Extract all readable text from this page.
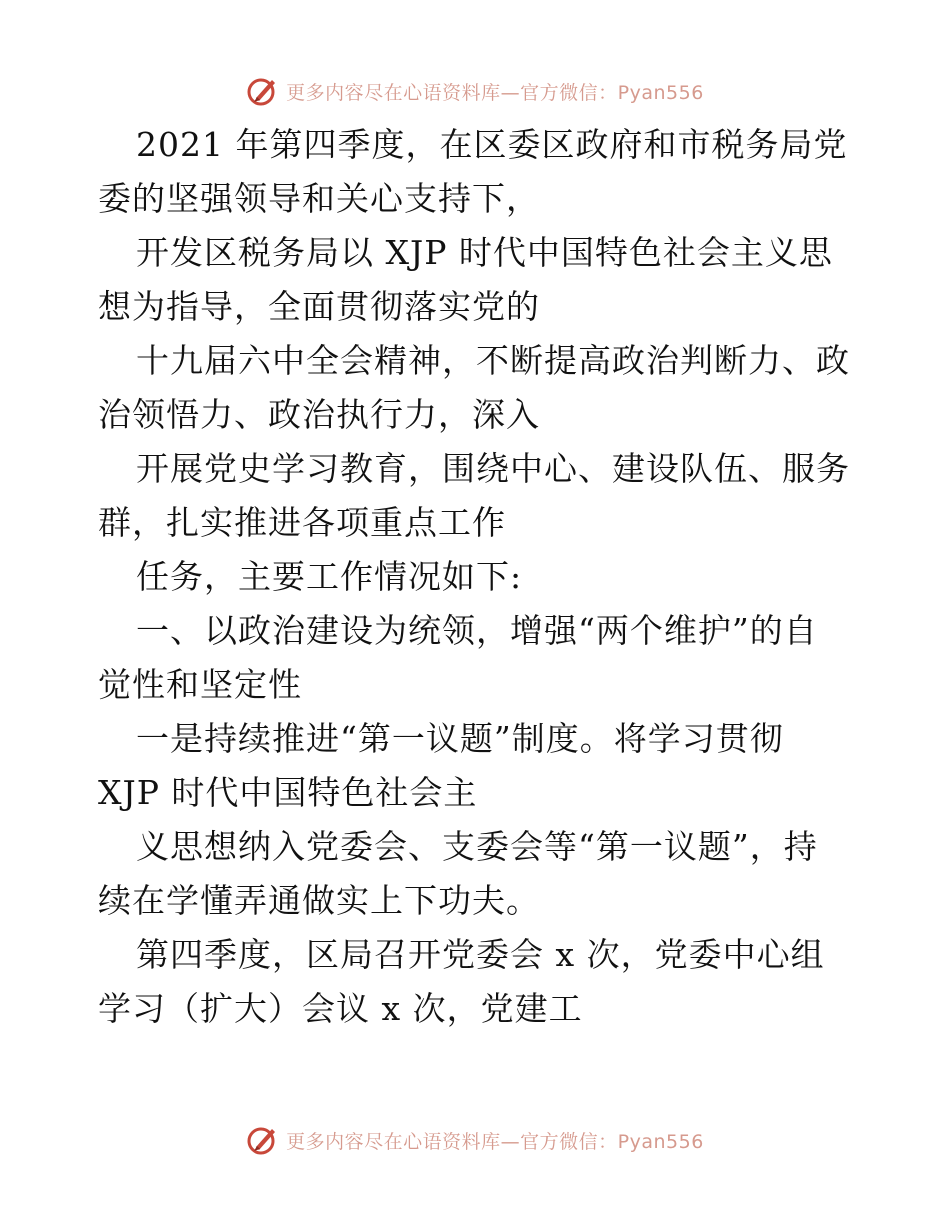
更多内容尽在心语资料库—官方微信：Pyan556
2021 年第四季度，在区委区政府和市税务局党
委的坚强领导和关心支持下，
开发区税务局以 XJP 时代中国特色社会主义思
想为指导，全面贯彻落实党的
十九届六中全会精神，不断提高政治判断力、政
治领悟力、政治执行力，深入
开展党史学习教育，围绕中心、建设队伍、服务
群，扎实推进各项重点工作
任务，主要工作情况如下:
一、以政治建设为统领，增强“两个维护”的自
觉性和坚定性
一是持续推进“第一议题”制度。将学习贯彻
XJP 时代中国特色社会主
义思想纳入党委会、支委会等“第一议题”，持
续在学懂弄通做实上下功夫。
第四季度，区局召开党委会 x 次，党委中心组
学习（扩大）会议 x 次，党建工
更多内容尽在心语资料库—官方微信：Pyan556
